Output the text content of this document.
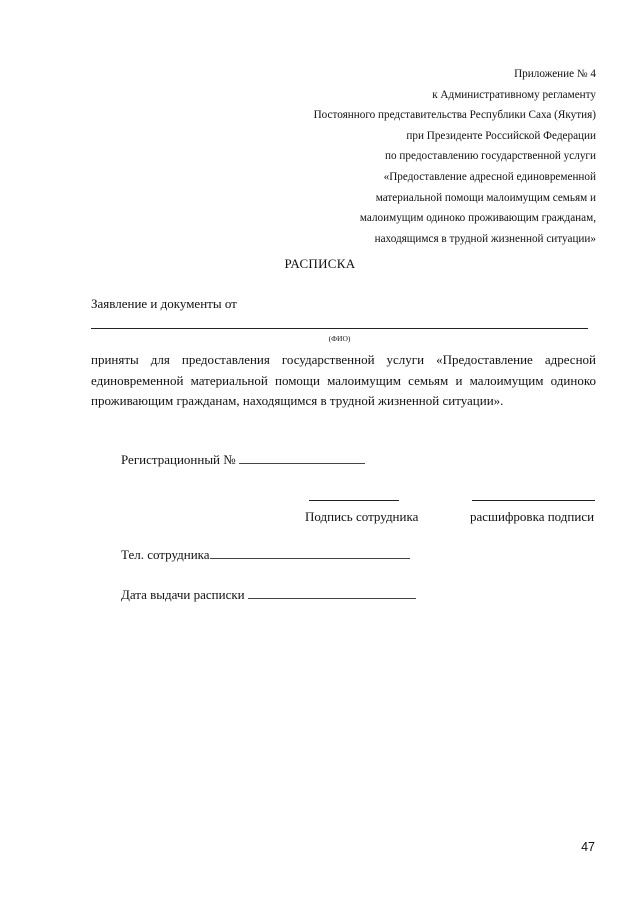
Приложение № 4
к Административному регламенту
Постоянного представительства Республики Саха (Якутия)
при Президенте Российской Федерации
по предоставлению государственной услуги
«Предоставление адресной единовременной
материальной помощи малоимущим семьям и
малоимущим одиноко проживающим гражданам,
находящимся в трудной жизненной ситуации»
РАСПИСКА
Заявление и документы от
(ФИО)
приняты для предоставления государственной услуги «Предоставление адресной единовременной материальной помощи малоимущим семьям и малоимущим одиноко проживающим гражданам, находящимся в трудной жизненной ситуации».
Регистрационный №
Подпись сотрудника	расшифровка подписи
Тел. сотрудника
Дата выдачи расписки
47
